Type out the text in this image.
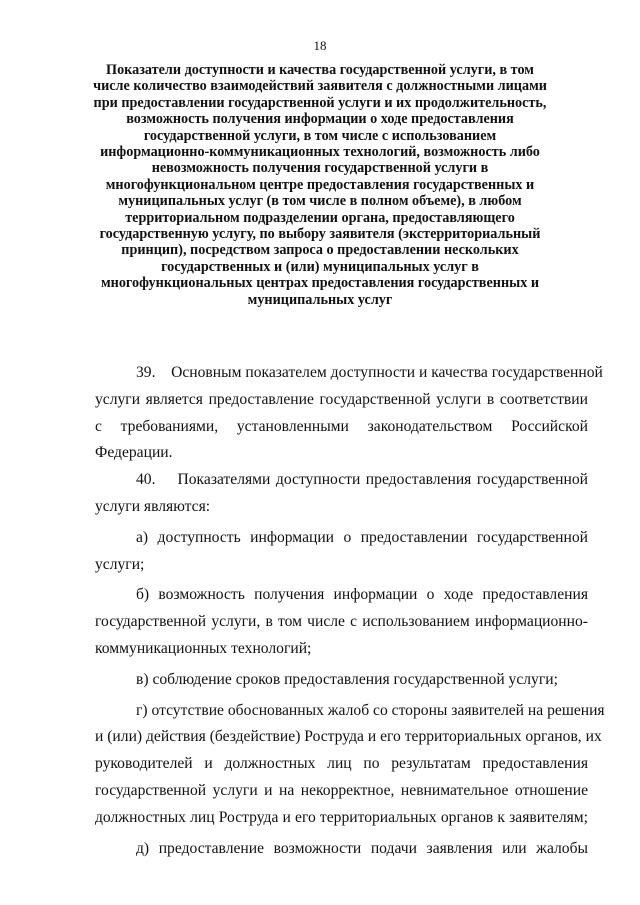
18
Показатели доступности и качества государственной услуги, в том
числе количество взаимодействий заявителя с должностными лицами
при предоставлении государственной услуги и их продолжительность,
возможность получения информации о ходе предоставления
государственной услуги, в том числе с использованием
информационно-коммуникационных технологий, возможность либо
невозможность получения государственной услуги в
многофункциональном центре предоставления государственных и
муниципальных услуг (в том числе в полном объеме), в любом
территориальном подразделении органа, предоставляющего
государственную услугу, по выбору заявителя (экстерриториальный
принцип), посредством запроса о предоставлении нескольких
государственных и (или) муниципальных услуг в
многофункциональных центрах предоставления государственных и
муниципальных услуг
39.    Основным показателем доступности и качества государственной
услуги является предоставление государственной услуги в соответствии
с требованиями, установленными законодательством Российской
Федерации.
40.    Показателями доступности предоставления государственной
услуги являются:
а) доступность информации о предоставлении государственной
услуги;
б) возможность получения информации о ходе предоставления
государственной услуги, в том числе с использованием информационно-
коммуникационных технологий;
в) соблюдение сроков предоставления государственной услуги;
г) отсутствие обоснованных жалоб со стороны заявителей на решения
и (или) действия (бездействие) Роструда и его территориальных органов, их
руководителей и должностных лиц по результатам предоставления
государственной услуги и на некорректное, невнимательное отношение
должностных лиц Роструда и его территориальных органов к заявителям;
д) предоставление возможности подачи заявления или жалобы
